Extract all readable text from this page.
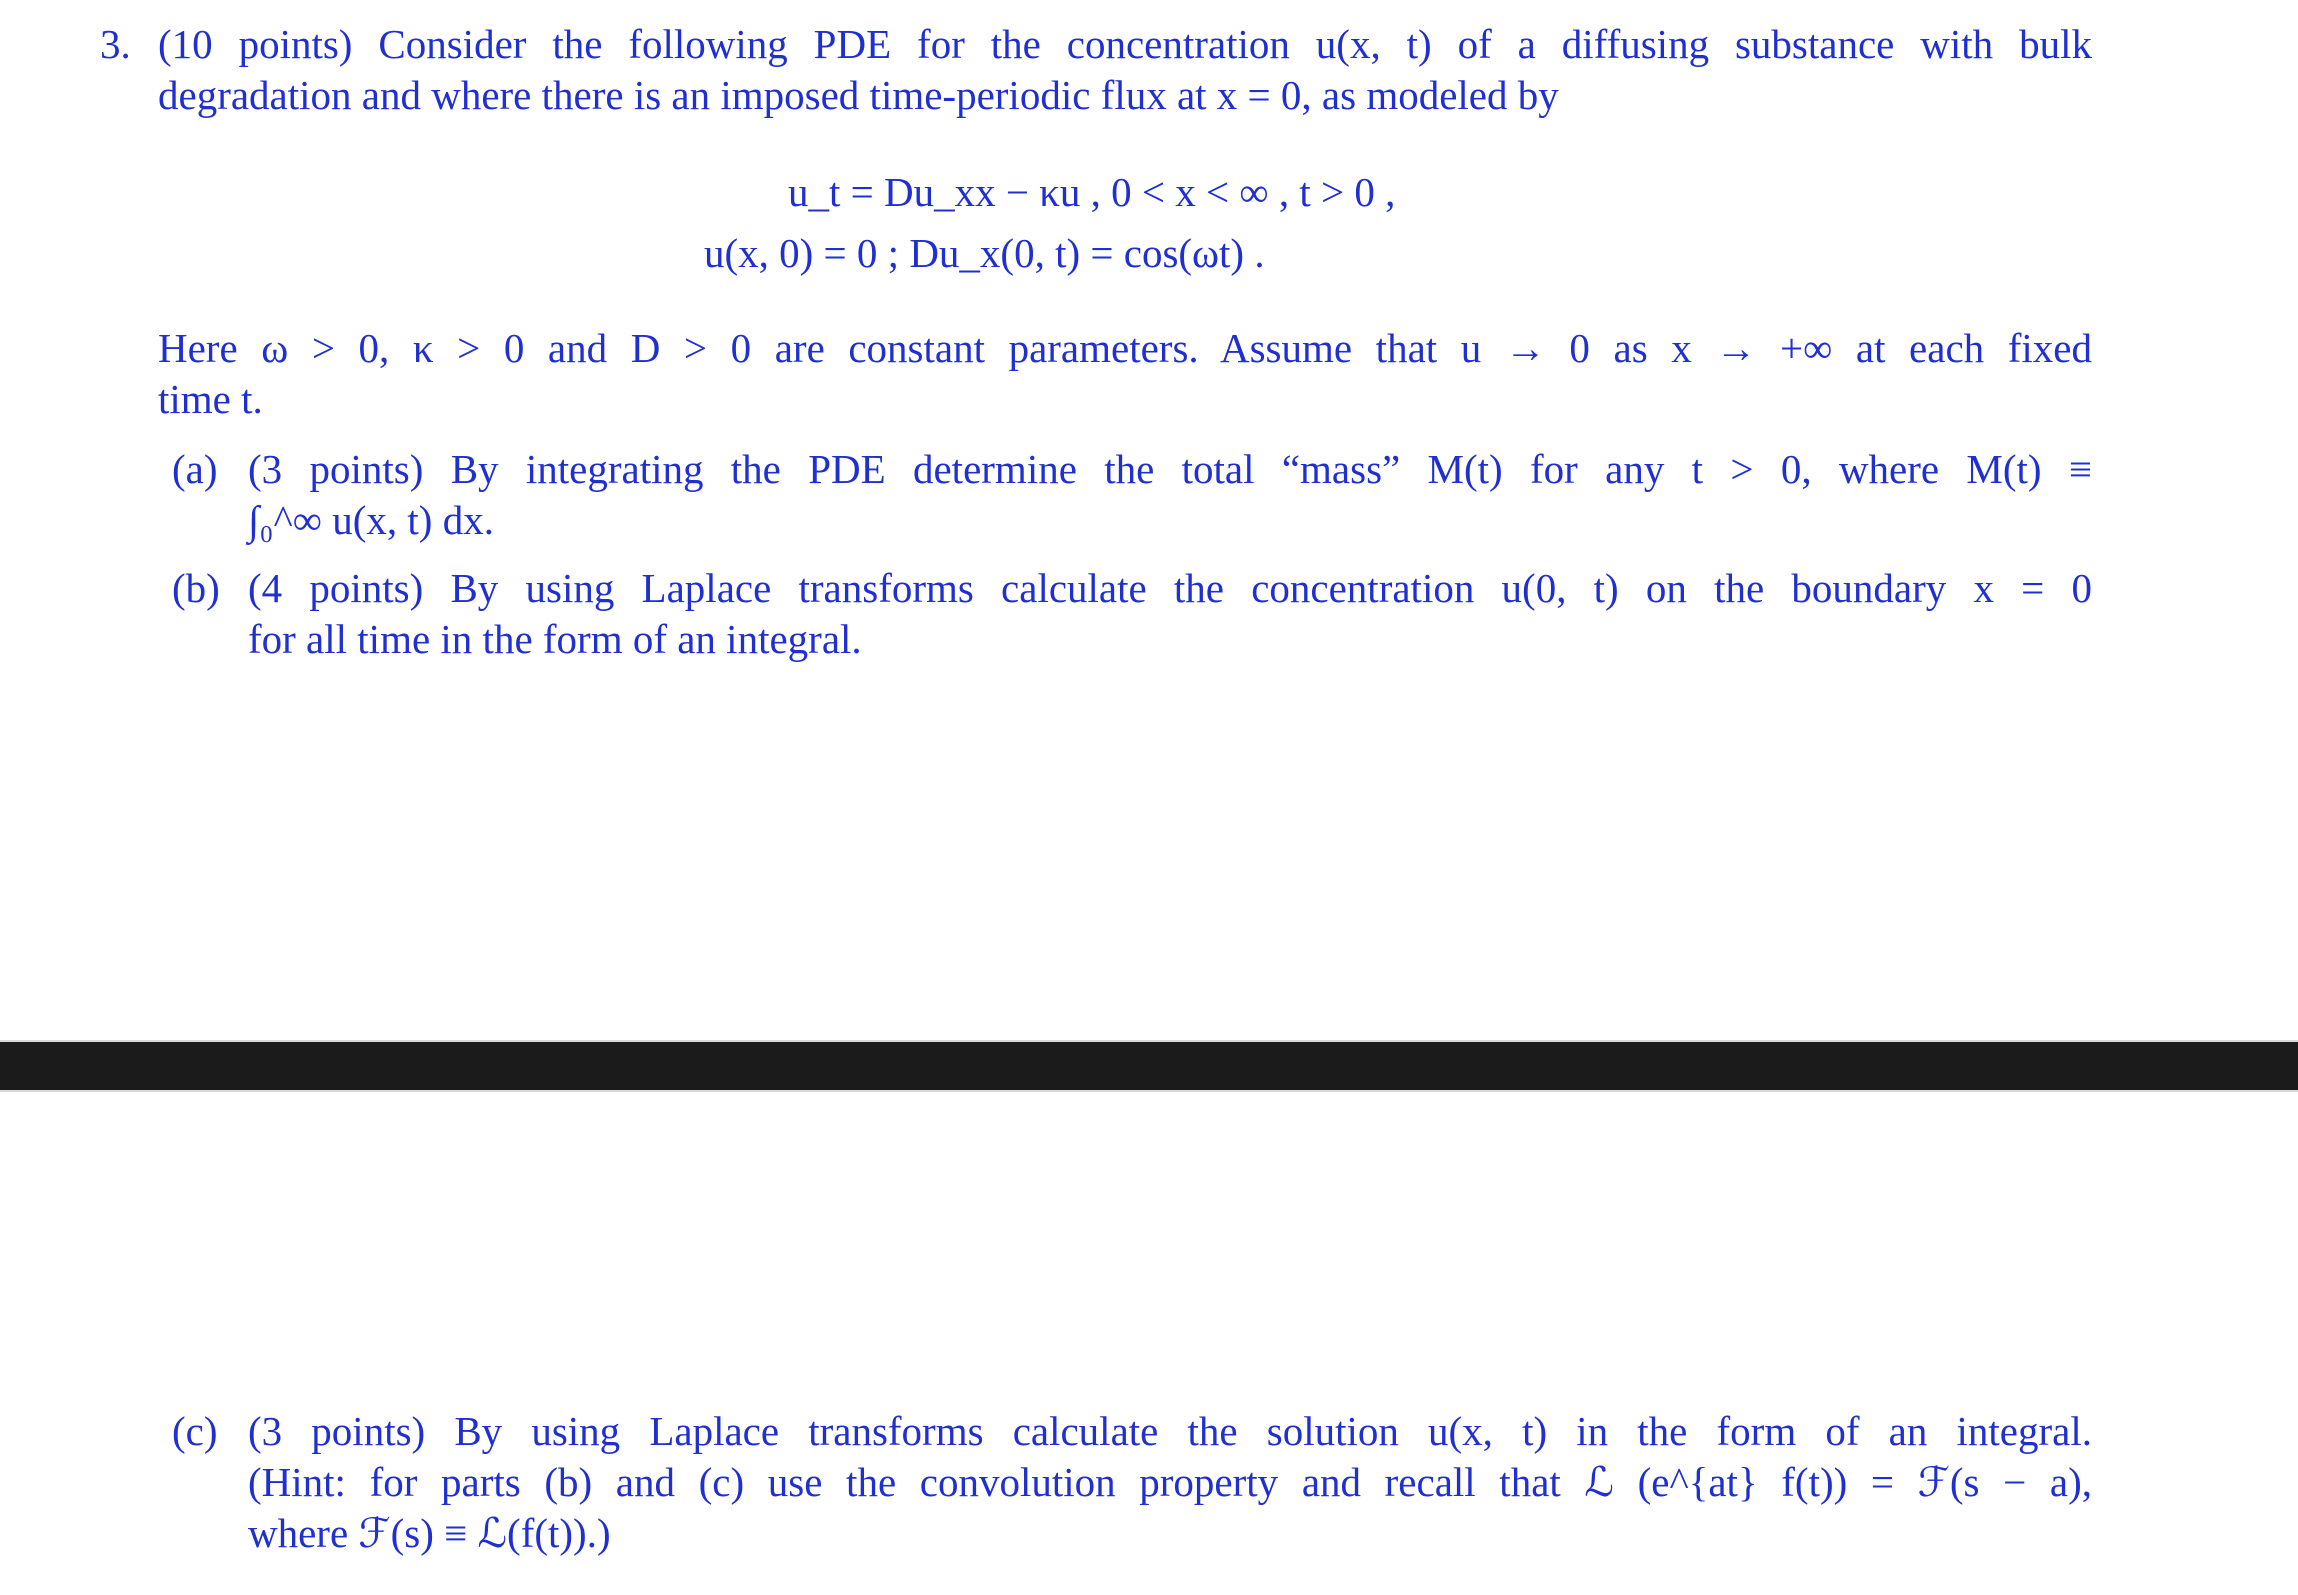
3. (10 points) Consider the following PDE for the concentration u(x, t) of a diffusing substance with bulk
degradation and where there is an imposed time-periodic flux at x = 0, as modeled by
u_t = Du_xx − κu , 0 < x < ∞ , t > 0 ,
u(x, 0) = 0 ; Du_x(0, t) = cos(ωt) .
Here ω > 0, κ > 0 and D > 0 are constant parameters. Assume that u → 0 as x → +∞ at each fixed
time t.
(a) (3 points) By integrating the PDE determine the total “mass” M(t) for any t > 0, where M(t) ≡
∫₀^∞ u(x, t) dx.
(b) (4 points) By using Laplace transforms calculate the concentration u(0, t) on the boundary x = 0
for all time in the form of an integral.
(c) (3 points) By using Laplace transforms calculate the solution u(x, t) in the form of an integral.
(Hint: for parts (b) and (c) use the convolution property and recall that ℒ (e^{at} f(t)) = ℱ(s − a),
where ℱ(s) ≡ ℒ(f(t)).)
